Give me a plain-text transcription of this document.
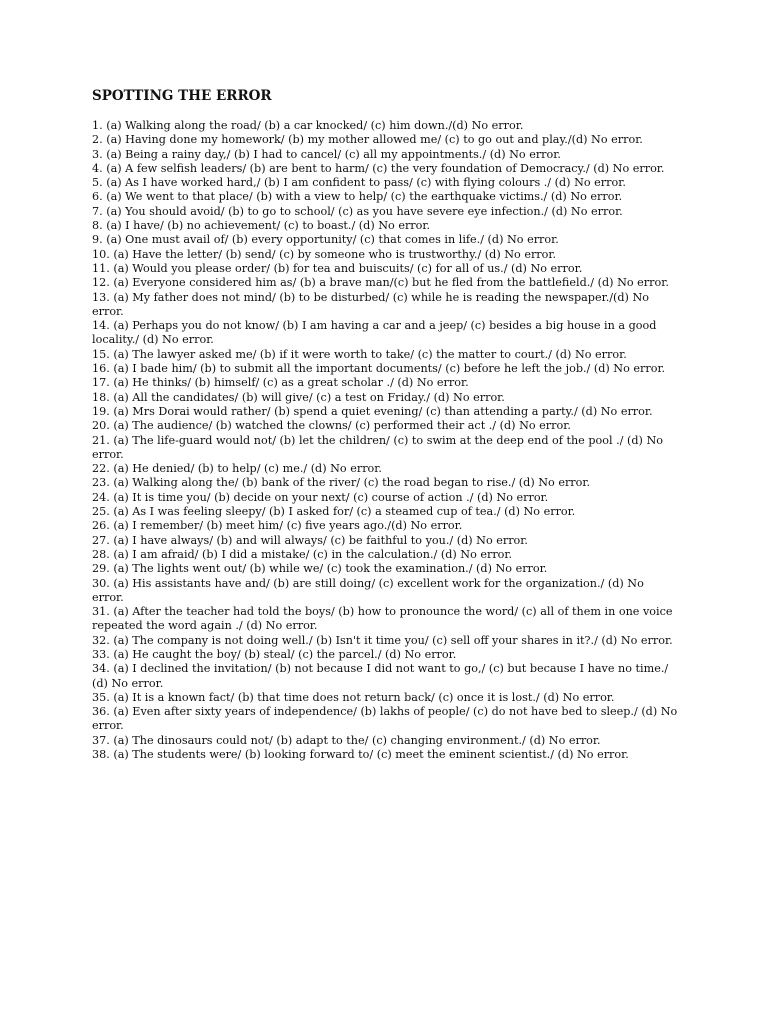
SPOTTING THE ERROR
1. (a) Walking along the road/ (b) a car knocked/ (c) him down./(d) No error.
2. (a) Having done my homework/ (b) my mother allowed me/ (c) to go out and play./(d) No error.
3. (a) Being a rainy day,/ (b) I had to cancel/ (c) all my appointments./ (d) No error.
4. (a) A few selfish leaders/ (b) are bent to harm/ (c) the very foundation of Democracy./ (d) No error.
5. (a) As I have worked hard,/ (b) I am confident to pass/ (c) with flying colours ./ (d) No error.
6. (a) We went to that place/ (b) with a view to help/ (c) the earthquake victims./ (d) No error.
7. (a) You should avoid/ (b) to go to school/ (c) as you have severe eye infection./ (d) No error.
8. (a) I have/ (b) no achievement/ (c) to boast./ (d) No error.
9. (a) One must avail of/ (b) every opportunity/ (c) that comes in life./ (d) No error.
10. (a) Have the letter/ (b) send/ (c) by someone who is trustworthy./ (d) No error.
11. (a) Would you please order/ (b) for tea and buiscuits/ (c) for all of us./ (d) No error.
12. (a) Everyone considered him as/ (b) a brave man/(c) but he fled from the battlefield./ (d) No error.
13. (a) My father does not mind/ (b) to be disturbed/ (c) while he is reading the newspaper./(d) No error.
14. (a) Perhaps you do not know/ (b) I am having a car and a jeep/ (c) besides a big house in a good locality./ (d) No error.
15. (a) The lawyer asked me/ (b) if it were worth to take/ (c) the matter to court./ (d) No error.
16. (a) I bade him/ (b) to submit all the important documents/ (c) before he left the job./ (d) No error.
17. (a) He thinks/ (b) himself/ (c) as a great scholar ./ (d) No error.
18. (a) All the candidates/ (b) will give/ (c) a test on Friday./ (d) No error.
19. (a) Mrs Dorai would rather/ (b) spend a quiet evening/ (c) than attending a party./ (d) No error.
20. (a) The audience/ (b) watched the clowns/ (c) performed their act ./ (d) No error.
21. (a) The life-guard would not/ (b) let the children/ (c) to swim at the deep end of the pool ./ (d) No error.
22. (a) He denied/ (b) to help/ (c) me./ (d) No error.
23. (a) Walking along the/ (b) bank of the river/ (c) the road began to rise./ (d) No error.
24. (a) It is time you/ (b) decide on your next/ (c) course of action ./ (d) No error.
25. (a) As I was feeling sleepy/ (b) I asked for/ (c) a steamed cup of tea./ (d) No error.
26. (a) I remember/ (b) meet him/ (c) five years ago./(d) No error.
27. (a) I have always/ (b) and will always/ (c) be faithful to you./ (d) No error.
28. (a) I am afraid/ (b) I did a mistake/ (c) in the calculation./ (d) No error.
29. (a) The lights went out/ (b) while we/ (c) took the examination./ (d) No error.
30. (a) His assistants have and/ (b) are still doing/ (c) excellent work for the organization./ (d) No error.
31. (a) After the teacher had told the boys/ (b) how to pronounce the word/ (c) all of them in one voice repeated the word again ./ (d) No error.
32. (a) The company is not doing well./ (b) Isn't it time you/ (c) sell off your shares in it?./ (d) No error.
33. (a) He caught the boy/ (b) steal/ (c) the parcel./ (d) No error.
34. (a) I declined the invitation/ (b) not because I did not want to go,/ (c) but because I have no time./ (d) No error.
35. (a) It is a known fact/ (b) that time does not return back/ (c) once it is lost./ (d) No error.
36. (a) Even after sixty years of independence/ (b) lakhs of people/ (c) do not have bed to sleep./ (d) No error.
37. (a) The dinosaurs could not/ (b) adapt to the/ (c) changing environment./ (d) No error.
38. (a) The students were/ (b) looking forward to/ (c) meet the eminent scientist./ (d) No error.
